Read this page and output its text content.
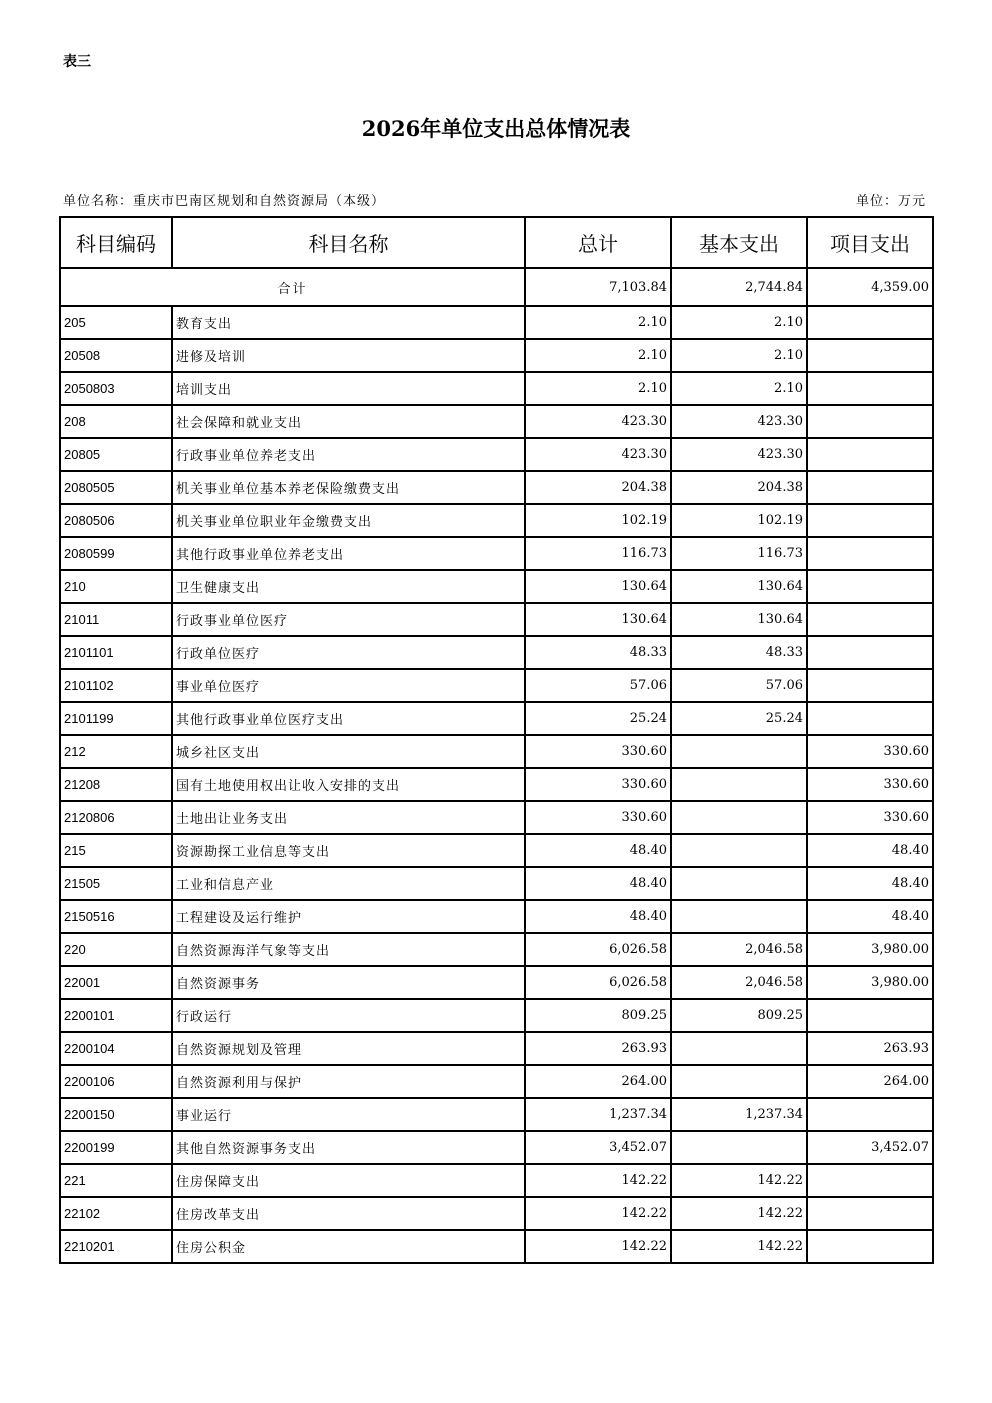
表三
2026年单位支出总体情况表
单位名称：重庆市巴南区规划和自然资源局（本级）	单位：万元
科目编码	科目名称	总计	基本支出	项目支出
合计		7,103.84	2,744.84	4,359.00
205	教育支出	2.10	2.10	
20508	进修及培训	2.10	2.10	
2050803	培训支出	2.10	2.10	
208	社会保障和就业支出	423.30	423.30	
20805	行政事业单位养老支出	423.30	423.30	
2080505	机关事业单位基本养老保险缴费支出	204.38	204.38	
2080506	机关事业单位职业年金缴费支出	102.19	102.19	
2080599	其他行政事业单位养老支出	116.73	116.73	
210	卫生健康支出	130.64	130.64	
21011	行政事业单位医疗	130.64	130.64	
2101101	行政单位医疗	48.33	48.33	
2101102	事业单位医疗	57.06	57.06	
2101199	其他行政事业单位医疗支出	25.24	25.24	
212	城乡社区支出	330.60		330.60
21208	国有土地使用权出让收入安排的支出	330.60		330.60
2120806	土地出让业务支出	330.60		330.60
215	资源勘探工业信息等支出	48.40		48.40
21505	工业和信息产业	48.40		48.40
2150516	工程建设及运行维护	48.40		48.40
220	自然资源海洋气象等支出	6,026.58	2,046.58	3,980.00
22001	自然资源事务	6,026.58	2,046.58	3,980.00
2200101	行政运行	809.25	809.25	
2200104	自然资源规划及管理	263.93		263.93
2200106	自然资源利用与保护	264.00		264.00
2200150	事业运行	1,237.34	1,237.34	
2200199	其他自然资源事务支出	3,452.07		3,452.07
221	住房保障支出	142.22	142.22	
22102	住房改革支出	142.22	142.22	
2210201	住房公积金	142.22	142.22	
